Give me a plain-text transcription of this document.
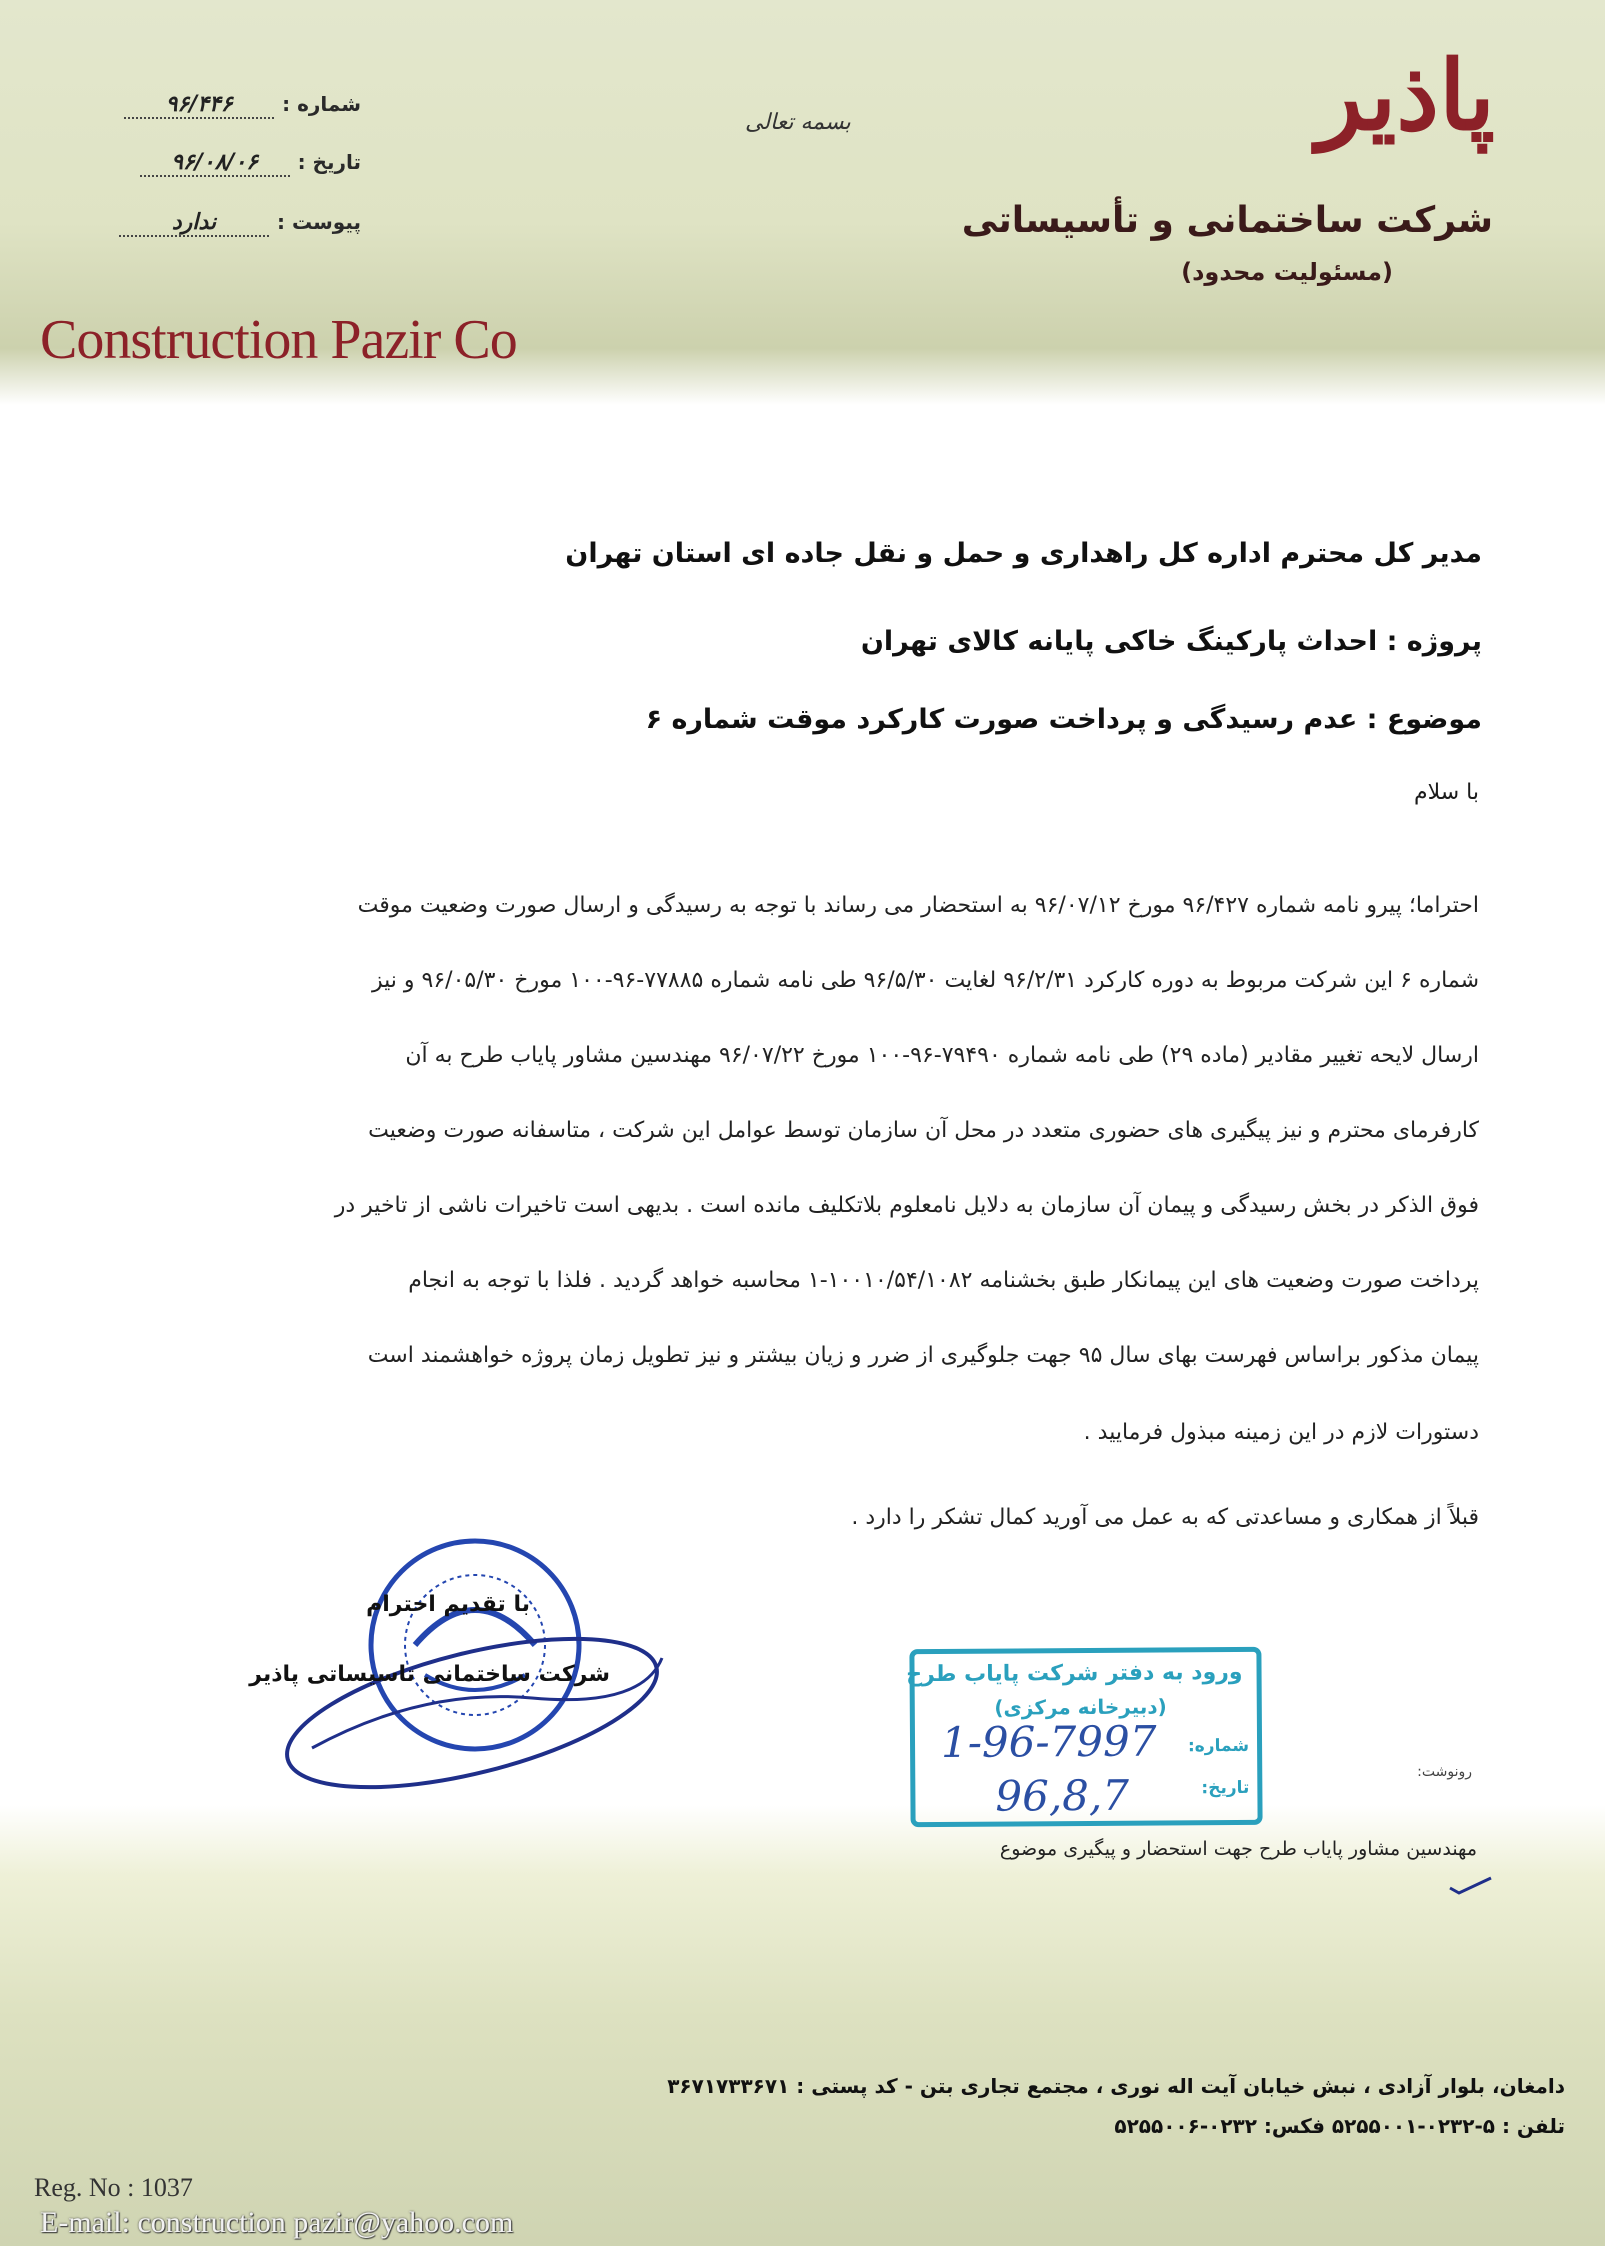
پاذیر
شرکت ساختمانی و تأسیساتی
(مسئولیت محدود)
Construction Pazir Co
بسمه تعالی
شماره :۹۶/۴۴۶
تاریخ :۹۶/۰۸/۰۶
پیوست :ندارد
مدیر کل محترم اداره کل راهداری و حمل و نقل جاده ای استان تهران
پروژه : احداث پارکینگ خاکی پایانه کالای تهران
موضوع : عدم رسیدگی و پرداخت صورت کارکرد موقت شماره ۶
با سلام
احتراما؛ پیرو نامه شماره ۹۶/۴۲۷ مورخ ۹۶/۰۷/۱۲ به استحضار می رساند با توجه به رسیدگی و ارسال صورت وضعیت موقت
شماره ۶ این شرکت مربوط به دوره کارکرد ۹۶/۲/۳۱ لغایت ۹۶/۵/۳۰ طی نامه شماره ۷۷۸۸۵-۹۶-۱۰۰ مورخ ۹۶/۰۵/۳۰ و نیز
ارسال لایحه تغییر مقادیر (ماده ۲۹) طی نامه شماره ۷۹۴۹۰-۹۶-۱۰۰ مورخ ۹۶/۰۷/۲۲ مهندسین مشاور پایاب طرح به آن
کارفرمای محترم و نیز پیگیری های حضوری متعدد در محل آن سازمان توسط عوامل این شرکت ، متاسفانه صورت وضعیت
فوق الذکر در بخش رسیدگی و پیمان آن سازمان به دلایل نامعلوم بلاتکلیف مانده است . بدیهی است تاخیرات ناشی از تاخیر در
پرداخت صورت وضعیت های این پیمانکار طبق بخشنامه ۱۰۰۱۰/۵۴/۱۰۸۲-۱ محاسبه خواهد گردید . فلذا با توجه به انجام
پیمان مذکور براساس فهرست بهای سال ۹۵ جهت جلوگیری از ضرر و زیان بیشتر و نیز تطویل زمان پروژه خواهشمند است
دستورات لازم در این زمینه مبذول فرمایید .
قبلاً از همکاری و مساعدتی که به عمل می آورید کمال تشکر را دارد .
با تقدیم احترام
شرکت ساختمانی تاسیساتی پاذیر	ورود به دفتر شرکت پایاب طرح
(دبیرخانه مرکزی)
شماره:
تاریخ:
1-96-7997
96,8,7	رونوشت:
مهندسین مشاور پایاب طرح جهت استحضار و پیگیری موضوع
دامغان، بلوار آزادی ، نبش خیابان آیت اله نوری ، مجتمع تجاری بتن - کد پستی : ۳۶۷۱۷۳۳۶۷۱
تلفن : ۵-۰۲۳۲-۵۲۵۵۰۰۱ فکس: ۰۲۳۲-۵۲۵۵۰۰۶
Reg. No : 1037
E-mail: construction pazir@yahoo.com
